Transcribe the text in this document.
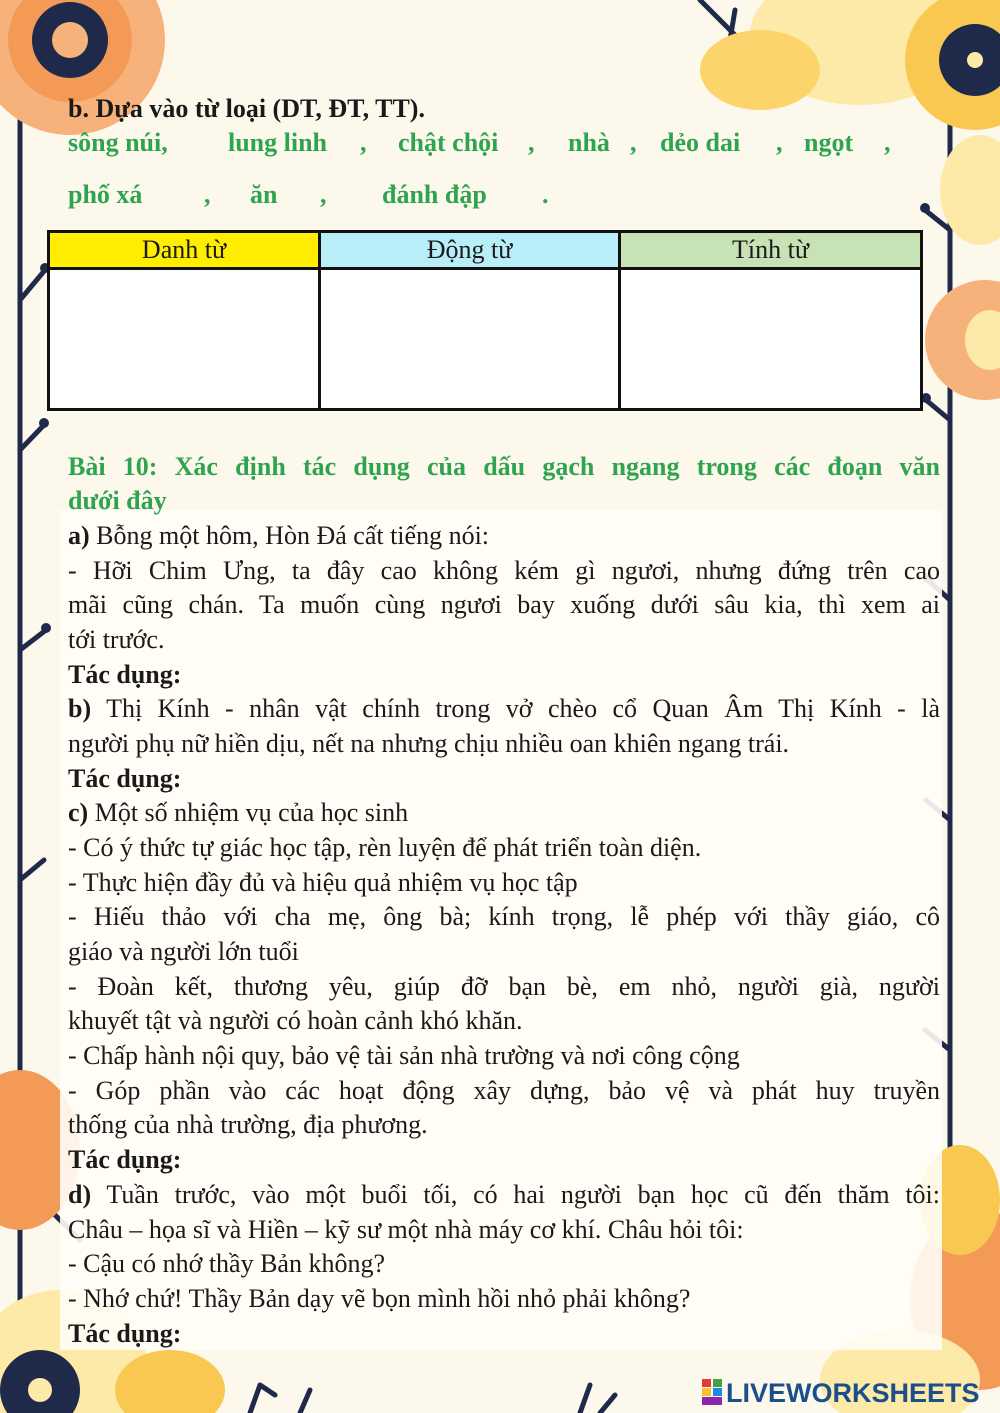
b. Dựa vào từ loại (DT, ĐT, TT).
sông núi, lung linh , chật chội , nhà , dẻo dai , ngọt ,
phố xá , ăn , đánh đập .
Danh từ	Động từ	Tính từ

Bài 10: Xác định tác dụng của dấu gạch ngang trong các đoạn văn
dưới đây
a) Bỗng một hôm, Hòn Đá cất tiếng nói:
- Hỡi Chim Ưng, ta đây cao không kém gì ngươi, nhưng đứng trên cao
mãi cũng chán. Ta muốn cùng ngươi bay xuống dưới sâu kia, thì xem ai
tới trước.
Tác dụng:
b) Thị Kính - nhân vật chính trong vở chèo cổ Quan Âm Thị Kính - là
người phụ nữ hiền dịu, nết na nhưng chịu nhiều oan khiên ngang trái.
Tác dụng:
c) Một số nhiệm vụ của học sinh
- Có ý thức tự giác học tập, rèn luyện để phát triển toàn diện.
- Thực hiện đầy đủ và hiệu quả nhiệm vụ học tập
- Hiếu thảo với cha mẹ, ông bà; kính trọng, lễ phép với thầy giáo, cô
giáo và người lớn tuổi
- Đoàn kết, thương yêu, giúp đỡ bạn bè, em nhỏ, người già, người
khuyết tật và người có hoàn cảnh khó khăn.
- Chấp hành nội quy, bảo vệ tài sản nhà trường và nơi công cộng
- Góp phần vào các hoạt động xây dựng, bảo vệ và phát huy truyền
thống của nhà trường, địa phương.
Tác dụng:
d) Tuần trước, vào một buổi tối, có hai người bạn học cũ đến thăm tôi:
Châu – họa sĩ và Hiền – kỹ sư một nhà máy cơ khí. Châu hỏi tôi:
- Cậu có nhớ thầy Bản không?
- Nhớ chứ! Thầy Bản dạy vẽ bọn mình hồi nhỏ phải không?
Tác dụng:
LIVEWORKSHEETS
